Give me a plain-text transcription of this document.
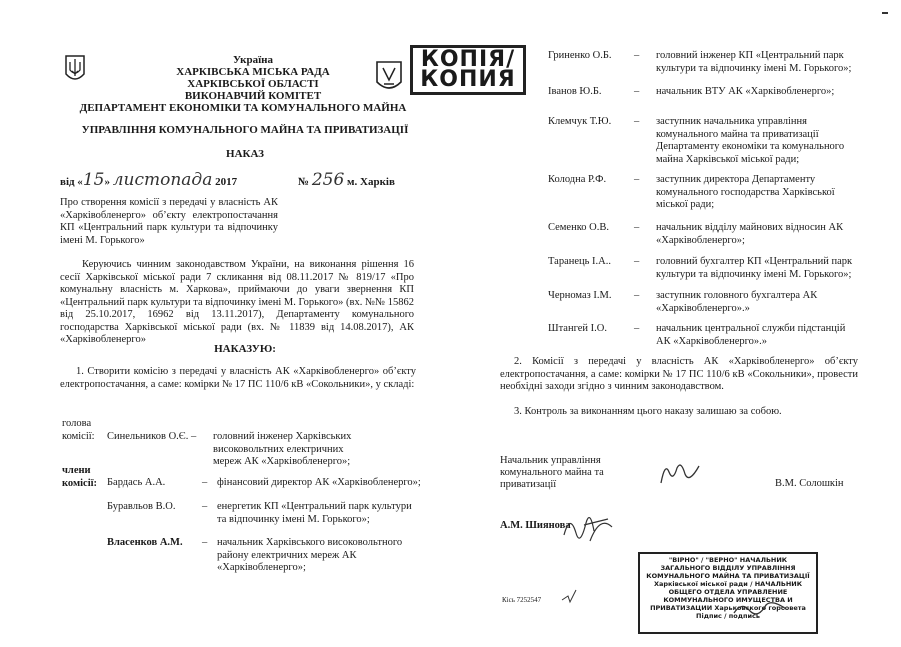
Україна
ХАРКІВСЬКА МІСЬКА РАДА
ХАРКІВСЬКОЇ ОБЛАСТІ
ВИКОНАВЧИЙ КОМІТЕТ
ДЕПАРТАМЕНТ ЕКОНОМІКИ ТА КОМУНАЛЬНОГО МАЙНА
УПРАВЛІННЯ КОМУНАЛЬНОГО МАЙНА ТА ПРИВАТИЗАЦІЇ
НАКАЗ
від «15» листопада 2017	№ 256 м. Харків
Про створення комісії з передачі у власність АК «Харківобленерго» об’єкту електропостачання КП «Центральний парк культури та відпочинку імені М. Горького»
Керуючись чинним законодавством України, на виконання рішення 16 сесії Харківської міської ради 7 скликання від 08.11.2017 № 819/17 «Про комунальну власність м. Харкова», приймаючи до уваги звернення КП «Центральний парк культури та відпочинку імені М. Горького» (вх. №№ 15862 від 25.10.2017, 16962 від 13.11.2017), Департаменту комунального господарства Харківської міської ради (вх. № 11839 від 14.08.2017), АК «Харківобленерго»
НАКАЗУЮ:
1. Створити комісію з передачі у власність АК «Харківобленерго» об’єкту електропостачання, а саме: комірки № 17 ПС 110/6 кВ «Сокольники», у складі:
голова комісії:	Синельников О.Є. –	головний інженер Харківських високовольтних електричних мереж АК «Харківобленерго»;
члени комісії: Бардась А.А.	– фінансовий директор АК «Харківобленерго»;
Буравльов В.О.	– енергетик КП «Центральний парк культури та відпочинку імені М. Горького»;
Власенков А.М. – начальник Харківського високовольтного району електричних мереж АК «Харківобленерго»;
КОПІЯ/ КОПИЯ
Гриненко О.Б. – головний інженер КП «Центральний парк культури та відпочинку імені М. Горького»;
Іванов Ю.Б.	– начальник ВТУ АК «Харківобленерго»;
Клемчук Т.Ю. – заступник начальника управління комунального майна та приватизації Департаменту економіки та комунального майна Харківської міської ради;
Колодна Р.Ф.	– заступник директора Департаменту комунального господарства Харківської міської ради;
Семенко О.В. – начальник відділу майнових відносин АК «Харківобленерго»;
Таранець І.А.. – головний бухгалтер КП «Центральний парк культури та відпочинку імені М. Горького»;
Черномаз І.М. – заступник головного бухгалтера АК «Харківобленерго».»
Штангей І.О.	– начальник центральної служби підстанцій АК «Харківобленерго».»
2. Комісії з передачі у власність АК «Харківобленерго» об’єкту електропостачання, а саме: комірки № 17 ПС 110/6 кВ «Сокольники», провести необхідні заходи згідно з чинним законодавством.
3. Контроль за виконанням цього наказу залишаю за собою.
Начальник управління комунального майна та приватизації	В.М. Солошкін
А.М. Шиянова
Кісь 7252547
"ВІРНО" / "ВЕРНО" НАЧАЛЬНИК ЗАГАЛЬНОГО ВІДДІЛУ УПРАВЛІННЯ КОМУНАЛЬНОГО МАЙНА ТА ПРИВАТИЗАЦІЇ Харківської міської ради / НАЧАЛЬНИК ОБЩЕГО ОТДЕЛА УПРАВЛЕНИЕ КОММУНАЛЬНОГО ИМУЩЕСТВА И ПРИВАТИЗАЦИИ Харьковского горсовета Підпис / подпись
